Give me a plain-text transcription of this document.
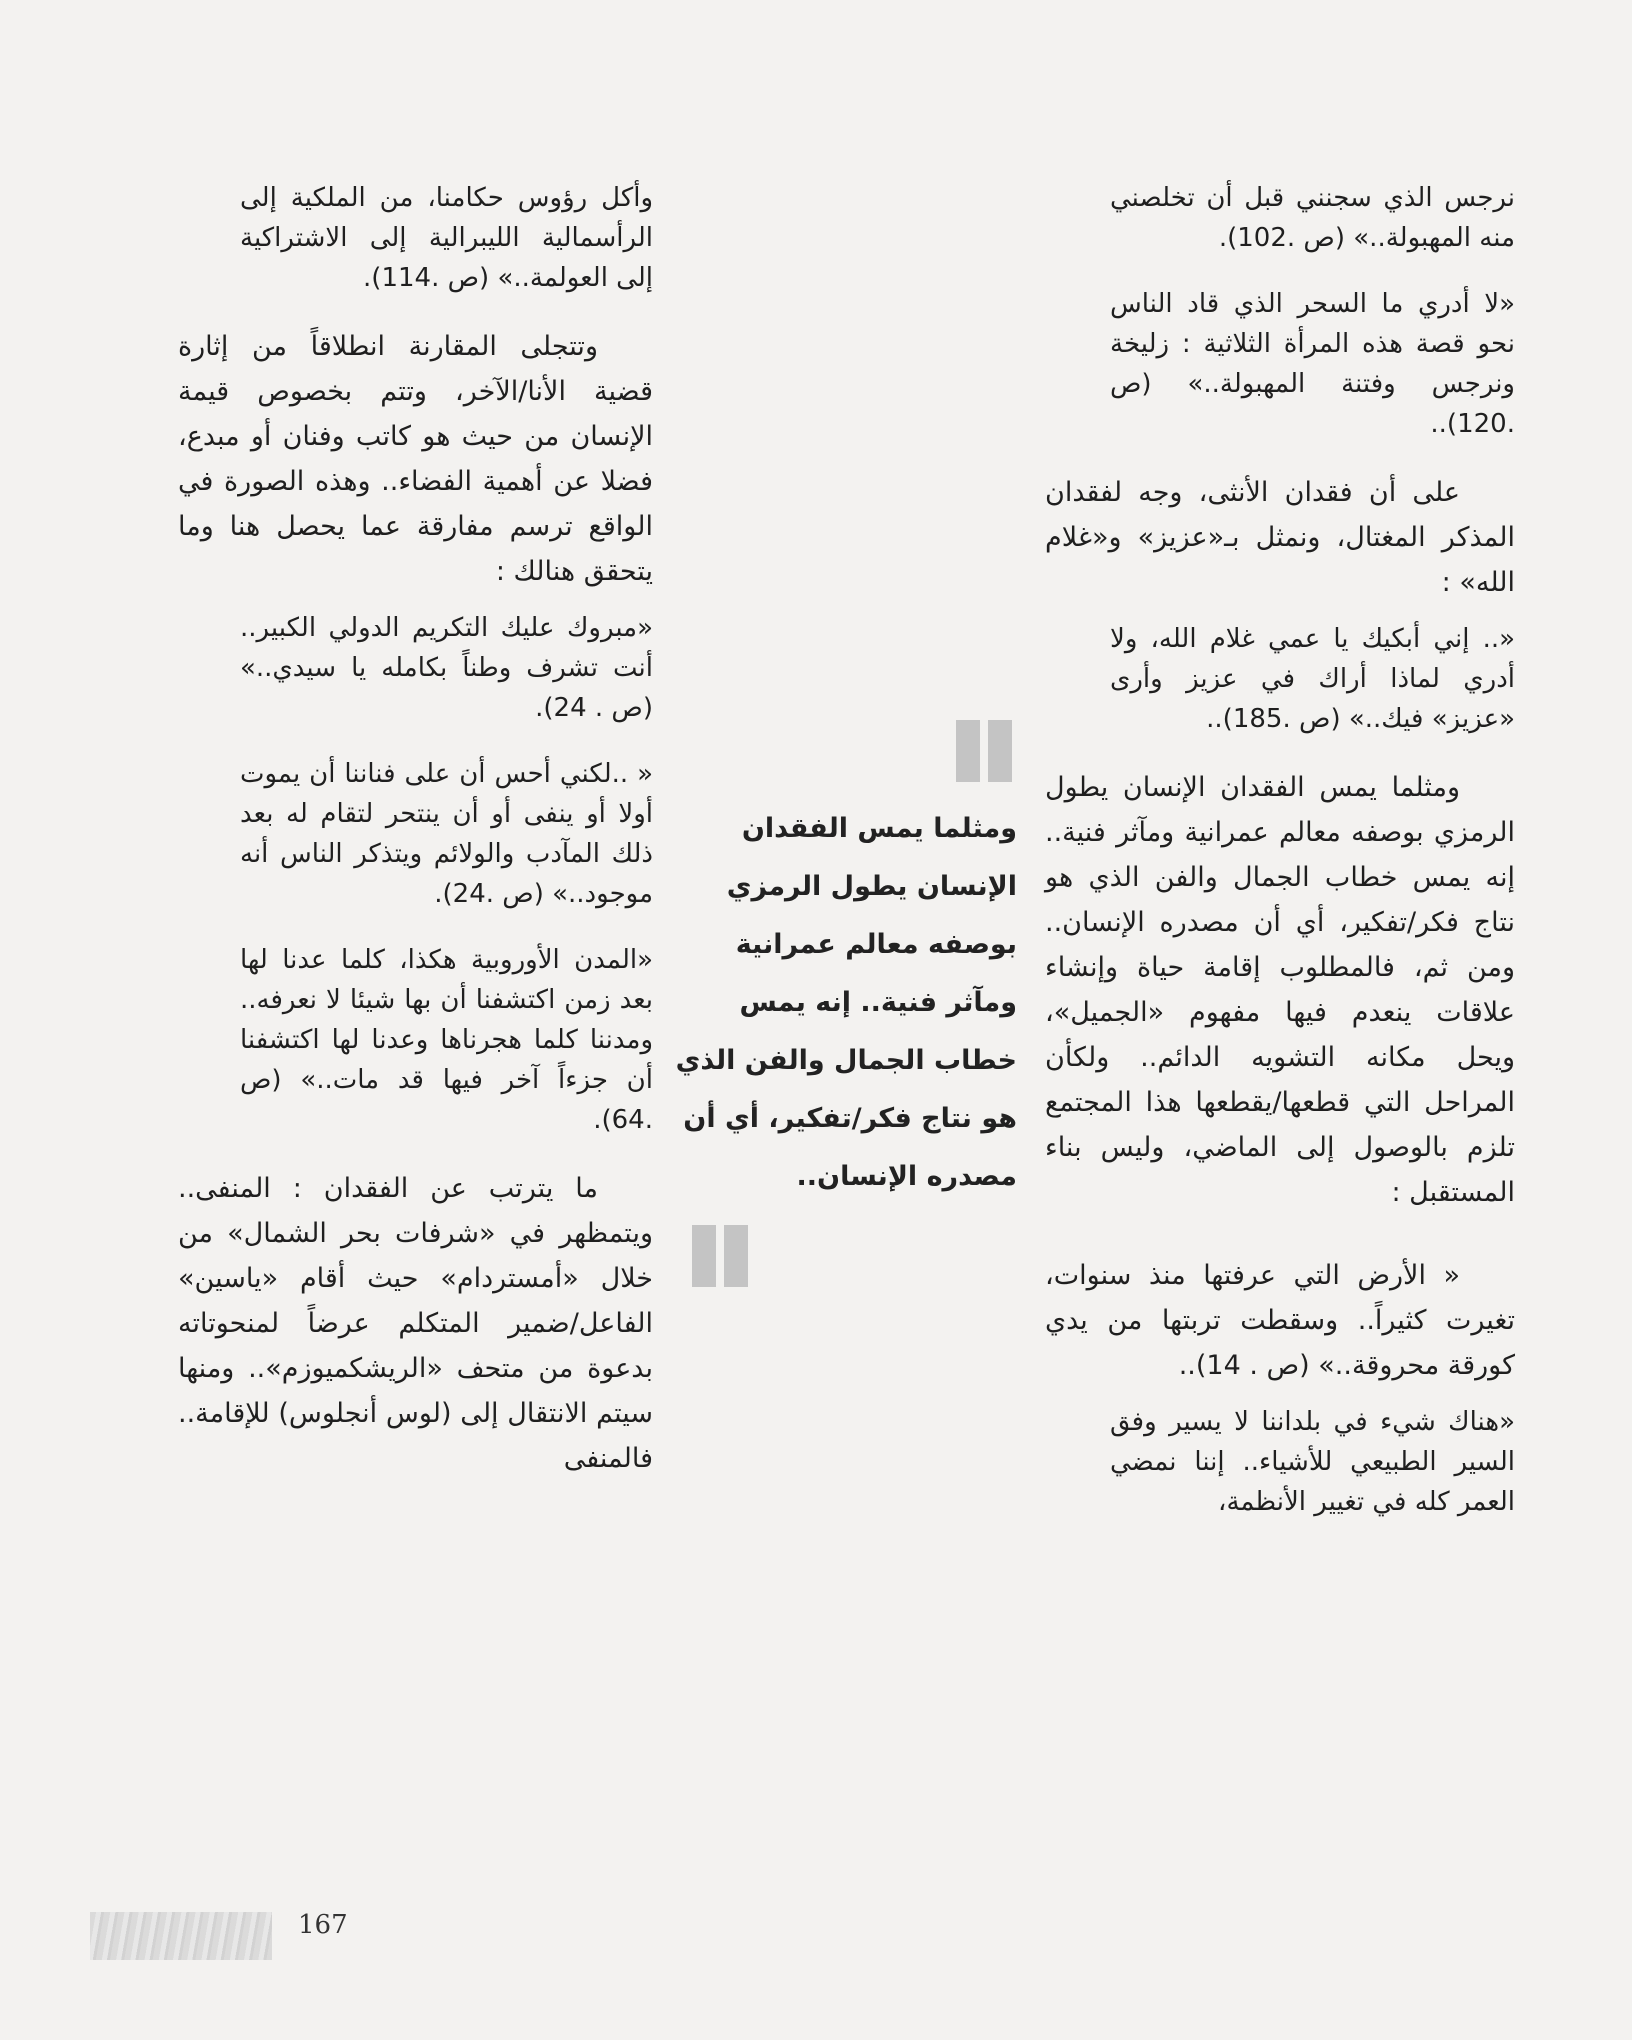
نرجس الذي سجنني قبل أن تخلصني منه المهبولة..» (ص .102).

«لا أدري ما السحر الذي قاد الناس نحو قصة هذه المرأة الثلاثية : زليخة ونرجس وفتنة المهبولة..» (ص .120)..

على أن فقدان الأنثى، وجه لفقدان المذكر المغتال، ونمثل بـ«عزيز» و«غلام الله» :

«.. إني أبكيك يا عمي غلام الله، ولا أدري لماذا أراك في عزيز وأرى «عزيز» فيك..» (ص .185)..

ومثلما يمس الفقدان الإنسان يطول الرمزي بوصفه معالم عمرانية ومآثر فنية.. إنه يمس خطاب الجمال والفن الذي هو نتاج فكر/تفكير، أي أن مصدره الإنسان.. ومن ثم، فالمطلوب إقامة حياة وإنشاء علاقات ينعدم فيها مفهوم «الجميل»، ويحل مكانه التشويه الدائم.. ولكأن المراحل التي قطعها/يقطعها هذا المجتمع تلزم بالوصول إلى الماضي، وليس بناء المستقبل :

« الأرض التي عرفتها منذ سنوات، تغيرت كثيراً.. وسقطت تربتها من يدي كورقة محروقة..» (ص . 14)..

«هناك شيء في بلداننا لا يسير وفق السير الطبيعي للأشياء.. إننا نمضي العمر كله في تغيير الأنظمة،

ومثلما يمس الفقدان الإنسان يطول الرمزي بوصفه معالم عمرانية ومآثر فنية.. إنه يمس خطاب الجمال والفن الذي هو نتاج فكر/تفكير، أي أن مصدره الإنسان..

وأكل رؤوس حكامنا، من الملكية إلى الرأسمالية الليبرالية إلى الاشتراكية إلى العولمة..» (ص .114).

وتتجلى المقارنة انطلاقاً من إثارة قضية الأنا/الآخر، وتتم بخصوص قيمة الإنسان من حيث هو كاتب وفنان أو مبدع، فضلا عن أهمية الفضاء.. وهذه الصورة في الواقع ترسم مفارقة عما يحصل هنا وما يتحقق هنالك :

«مبروك عليك التكريم الدولي الكبير.. أنت تشرف وطناً بكامله يا سيدي..» (ص . 24).

« ..لكني أحس أن على فناننا أن يموت أولا أو ينفى أو أن ينتحر لتقام له بعد ذلك المآدب والولائم ويتذكر الناس أنه موجود..» (ص .24).

«المدن الأوروبية هكذا، كلما عدنا لها بعد زمن اكتشفنا أن بها شيئا لا نعرفه.. ومدننا كلما هجرناها وعدنا لها اكتشفنا أن جزءاً آخر فيها قد مات..» (ص .64).

ما يترتب عن الفقدان : المنفى.. ويتمظهر في «شرفات بحر الشمال» من خلال «أمستردام» حيث أقام «ياسين» الفاعل/ضمير المتكلم عرضاً لمنحوتاته بدعوة من متحف «الريشكميوزم».. ومنها سيتم الانتقال إلى (لوس أنجلوس) للإقامة.. فالمنفى

167
